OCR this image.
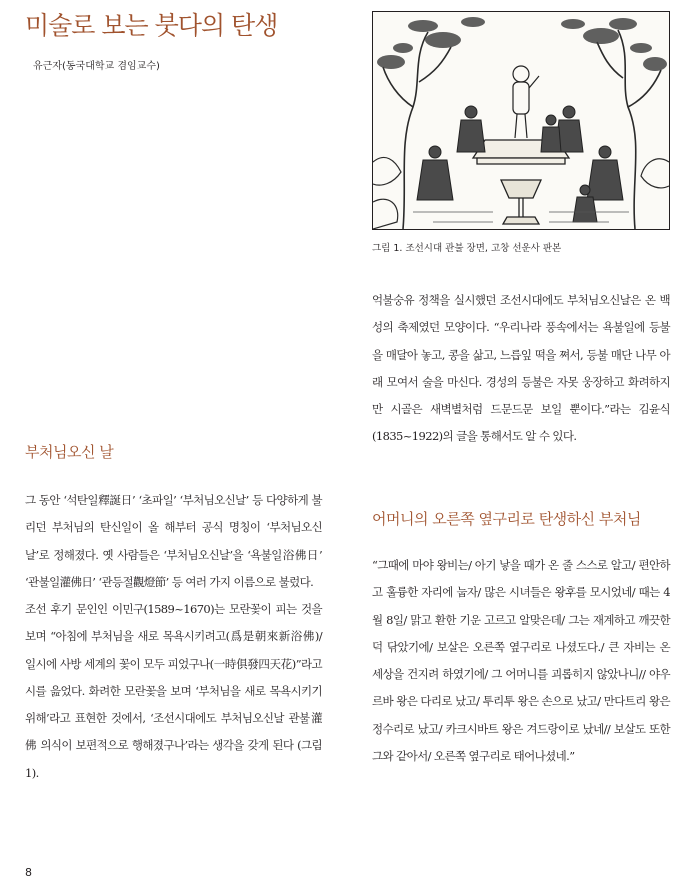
미술로 보는 붓다의 탄생
유근자(동국대학교 겸임교수)
그림 1. 조선시대 관불 장면, 고창 선운사 판본
부처님오신 날

그 동안 ‘석탄일釋誕日’ ‘초파일’ ‘부처님오신날’ 등 다양하게 불리던 부처님의 탄신일이 올 해부터 공식 명칭이 ‘부처님오신날’로 정해졌다. 옛 사람들은 ‘부처님오신날’을 ‘욕불일浴佛日’ ‘관불일灌佛日’ ‘관등절觀燈節’ 등 여러 가지 이름으로 불렀다.

조선 후기 문인인 이민구(1589~1670)는 모란꽃이 피는 것을 보며 “아침에 부처님을 새로 목욕시키려고(爲是朝來新浴佛)/ 일시에 사방 세계의 꽃이 모두 피었구나(一時俱發四天花)”라고 시를 읊었다. 화려한 모란꽃을 보며 ‘부처님을 새로 목욕시키기 위해’라고 표현한 것에서, ‘조선시대에도 부처님오신날 관불灌佛 의식이 보편적으로 행해졌구나’라는 생각을 갖게 된다 (그림1).

억불숭유 정책을 실시했던 조선시대에도 부처님오신날은 온 백성의 축제였던 모양이다. “우리나라 풍속에서는 욕불일에 등불을 매달아 놓고, 콩을 삶고, 느릅잎 떡을 쪄서, 등불 매단 나무 아래 모여서 술을 마신다. 경성의 등불은 자못 웅장하고 화려하지만 시골은 새벽별처럼 드문드문 보일 뿐이다.”라는 김윤식(1835~1922)의 글을 통해서도 알 수 있다.

어머니의 오른쪽 옆구리로 탄생하신 부처님

“그때에 마야 왕비는/ 아기 낳을 때가 온 줄 스스로 알고/ 편안하고 훌륭한 자리에 눕자/ 많은 시녀들은 왕후를 모시었네/ 때는 4월 8일/ 맑고 환한 기운 고르고 알맞은데/ 그는 재계하고 깨끗한 덕 닦았기에/ 보살은 오른쪽 옆구리로 나셨도다./ 큰 자비는 온 세상을 건지려 하였기에/ 그 어머니를 괴롭히지 않았나니// 야우르바 왕은 다리로 났고/ 투리투 왕은 손으로 났고/ 만다트리 왕은 정수리로 났고/ 카크시바트 왕은 겨드랑이로 났네// 보살도 또한 그와 같아서/ 오른쪽 옆구리로 태어나셨네.”

8
